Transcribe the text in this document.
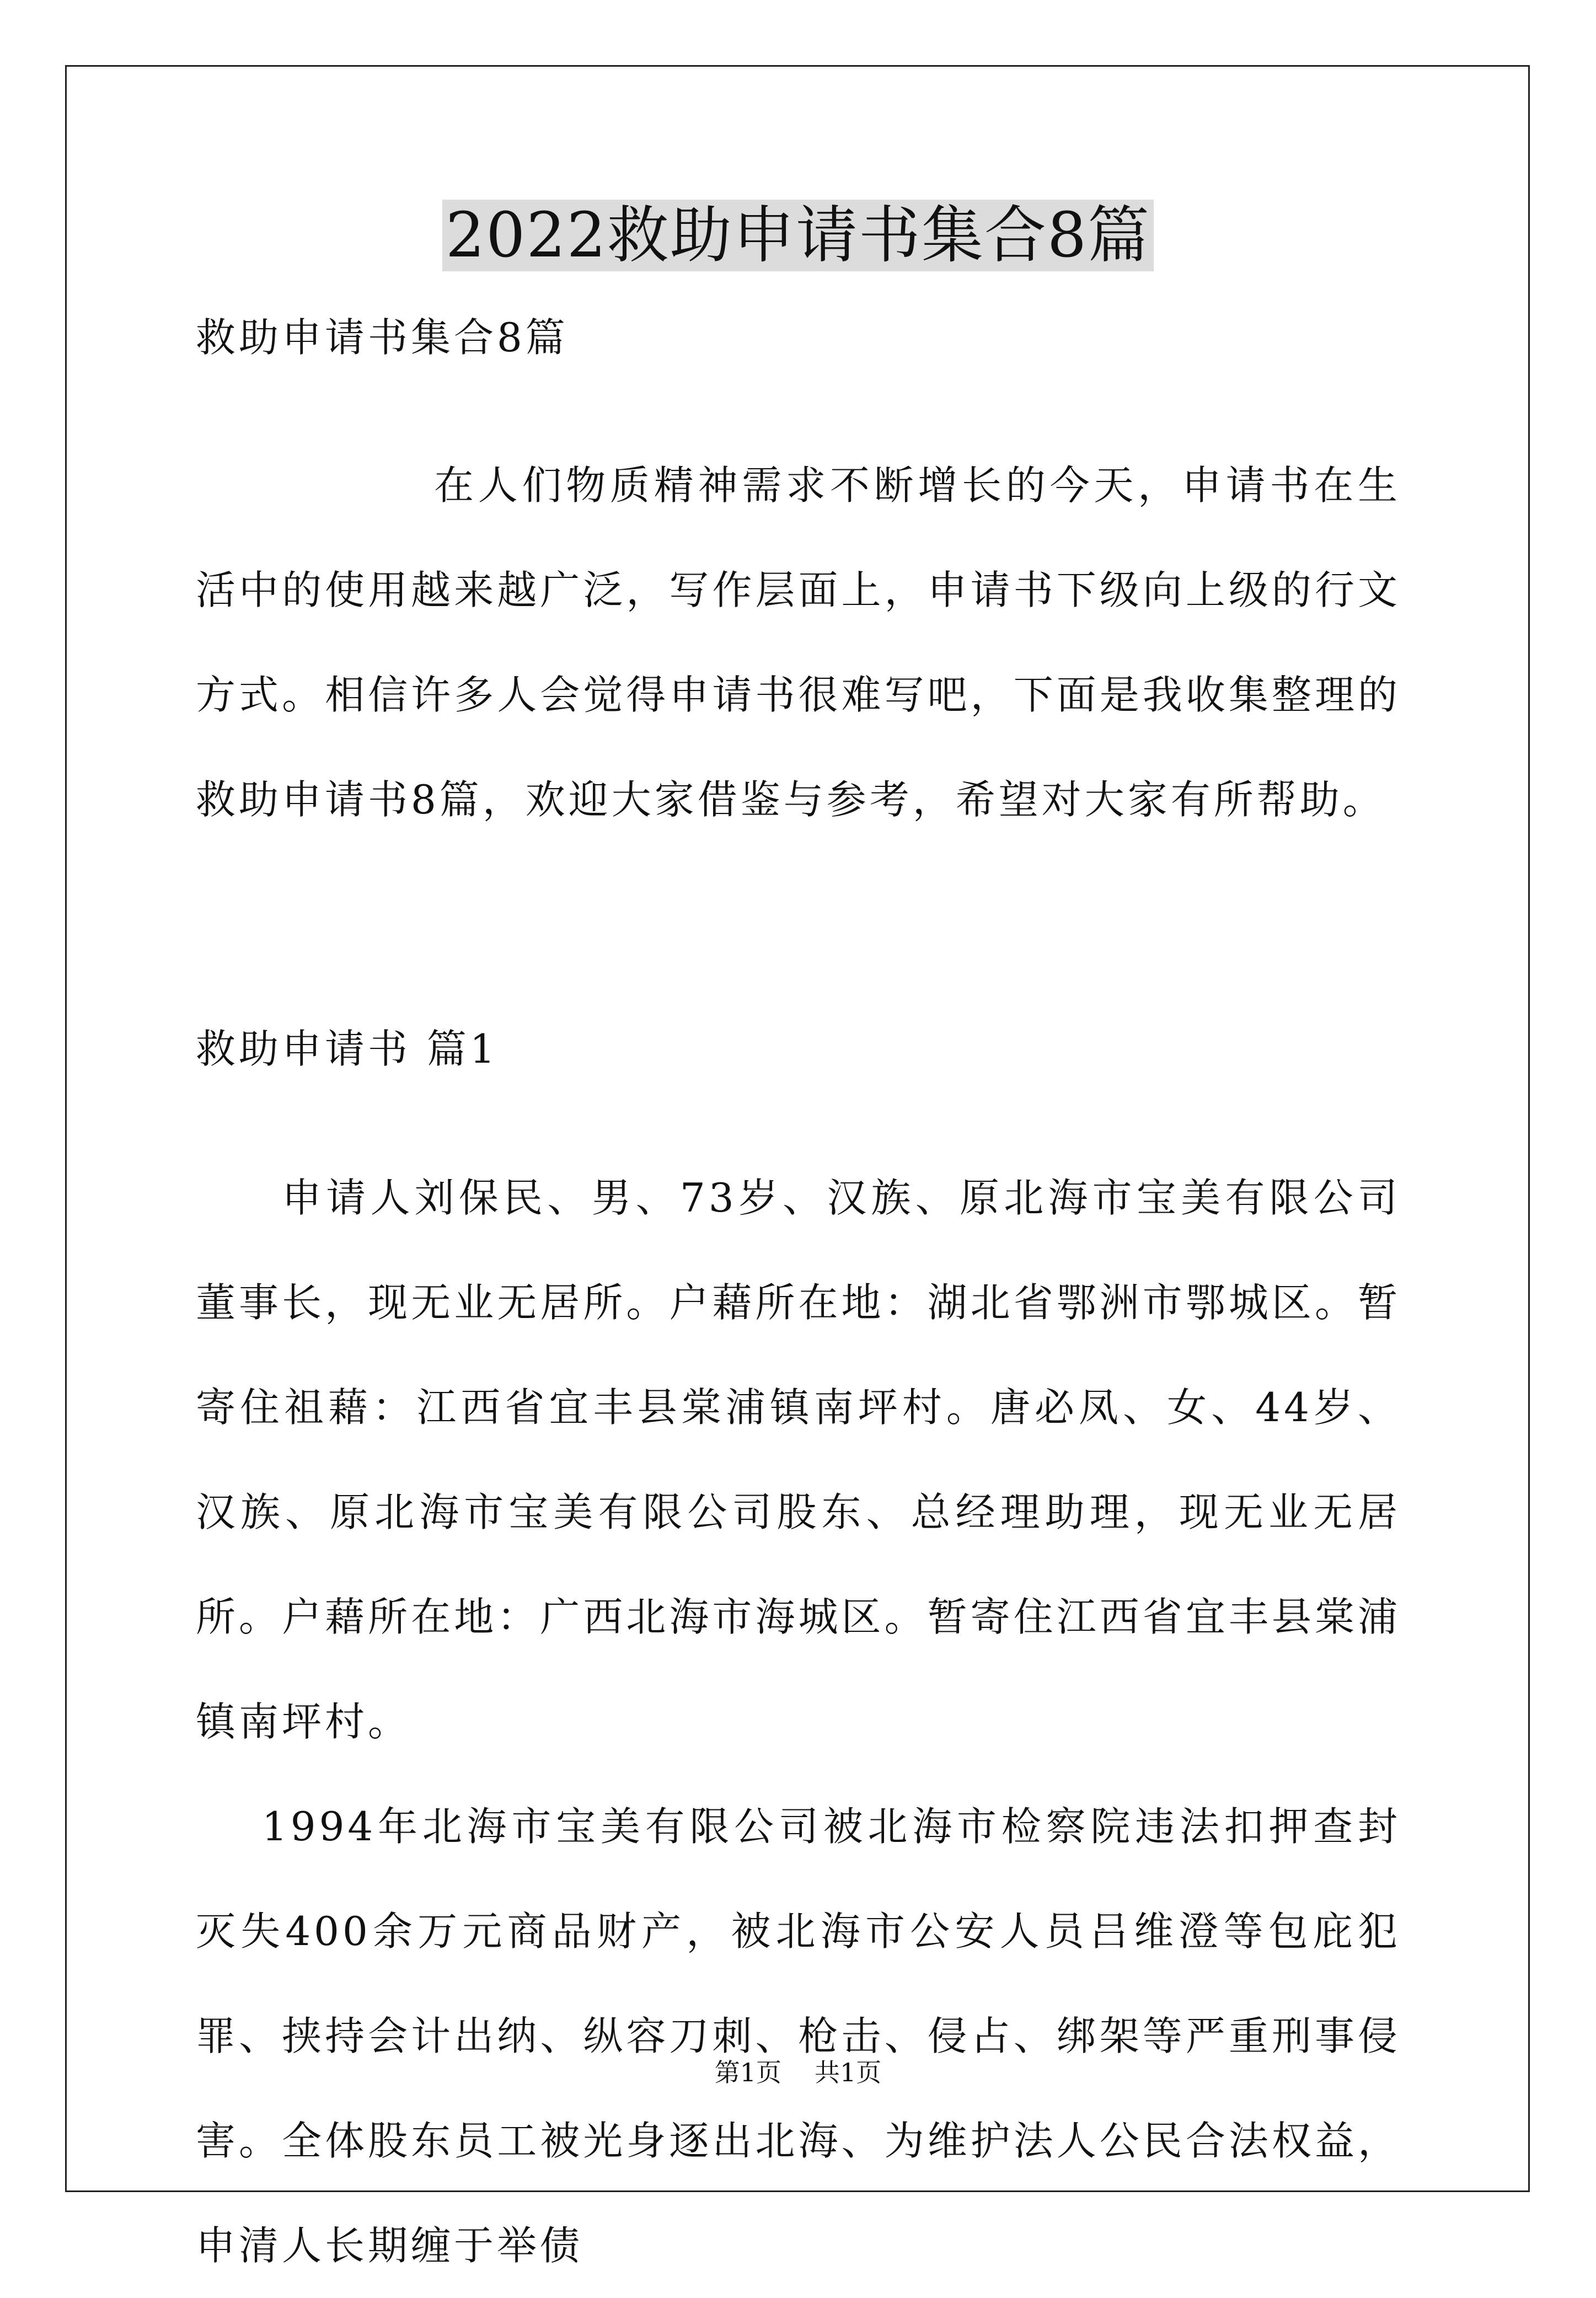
2022救助申请书集合8篇
救助申请书集合8篇

在人们物质精神需求不断增长的今天，申请书在生活中的使用越来越广泛，写作层面上，申请书下级向上级的行文方式。相信许多人会觉得申请书很难写吧，下面是我收集整理的救助申请书8篇，欢迎大家借鉴与参考，希望对大家有所帮助。

救助申请书 篇1

申请人刘保民、男、73岁、汉族、原北海市宝美有限公司董事长，现无业无居所。户藉所在地：湖北省鄂洲市鄂城区。暂寄住祖藉：江西省宜丰县棠浦镇南坪村。唐必凤、女、44岁、汉族、原北海市宝美有限公司股东、总经理助理，现无业无居所。户藉所在地：广西北海市海城区。暂寄住江西省宜丰县棠浦镇南坪村。

1994年北海市宝美有限公司被北海市检察院违法扣押查封灭失400余万元商品财产，被北海市公安人员吕维澄等包庇犯罪、挟持会计出纳、纵容刀刺、枪击、侵占、绑架等严重刑事侵害。全体股东员工被光身逐出北海、为维护法人公民合法权益，申清人长期缠于举债

第1页 共1页
